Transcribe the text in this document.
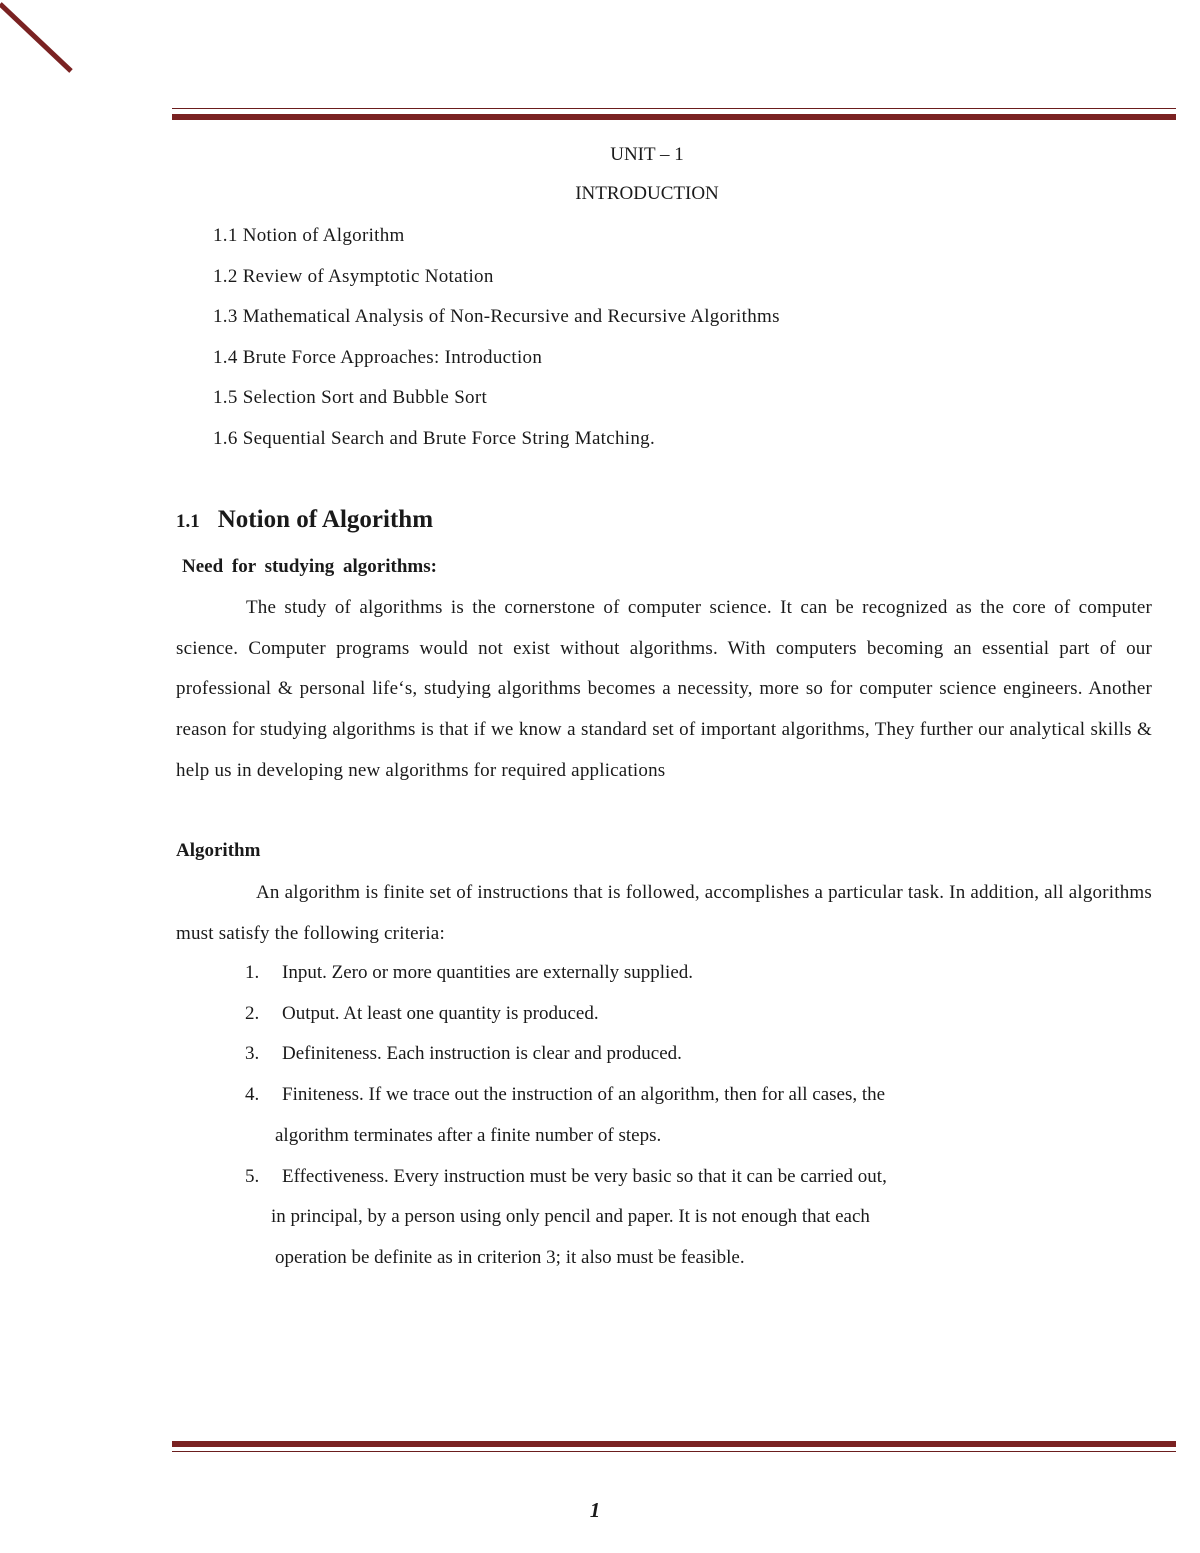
UNIT – 1
INTRODUCTION
1.1 Notion of Algorithm
1.2 Review of Asymptotic Notation
1.3 Mathematical Analysis of Non-Recursive and Recursive Algorithms
1.4 Brute Force Approaches: Introduction
1.5 Selection Sort and Bubble Sort
1.6 Sequential Search and Brute Force String Matching.
1.1 Notion of Algorithm
Need for studying algorithms:

The study of algorithms is the cornerstone of computer science. It can be recognized as the core of computer science. Computer programs would not exist without algorithms. With computers becoming an essential part of our professional & personal life‘s, studying algorithms becomes a necessity, more so for computer science engineers. Another reason for studying algorithms is that if we know a standard set of important algorithms, They further our analytical skills & help us in developing new algorithms for required applications

Algorithm

An algorithm is finite set of instructions that is followed, accomplishes a particular task. In addition, all algorithms must satisfy the following criteria:

1. Input. Zero or more quantities are externally supplied.
2. Output. At least one quantity is produced.
3. Definiteness. Each instruction is clear and produced.
4. Finiteness. If we trace out the instruction of an algorithm, then for all cases, the
algorithm terminates after a finite number of steps.
5. Effectiveness. Every instruction must be very basic so that it can be carried out,
in principal, by a person using only pencil and paper. It is not enough that each
operation be definite as in criterion 3; it also must be feasible.
1
